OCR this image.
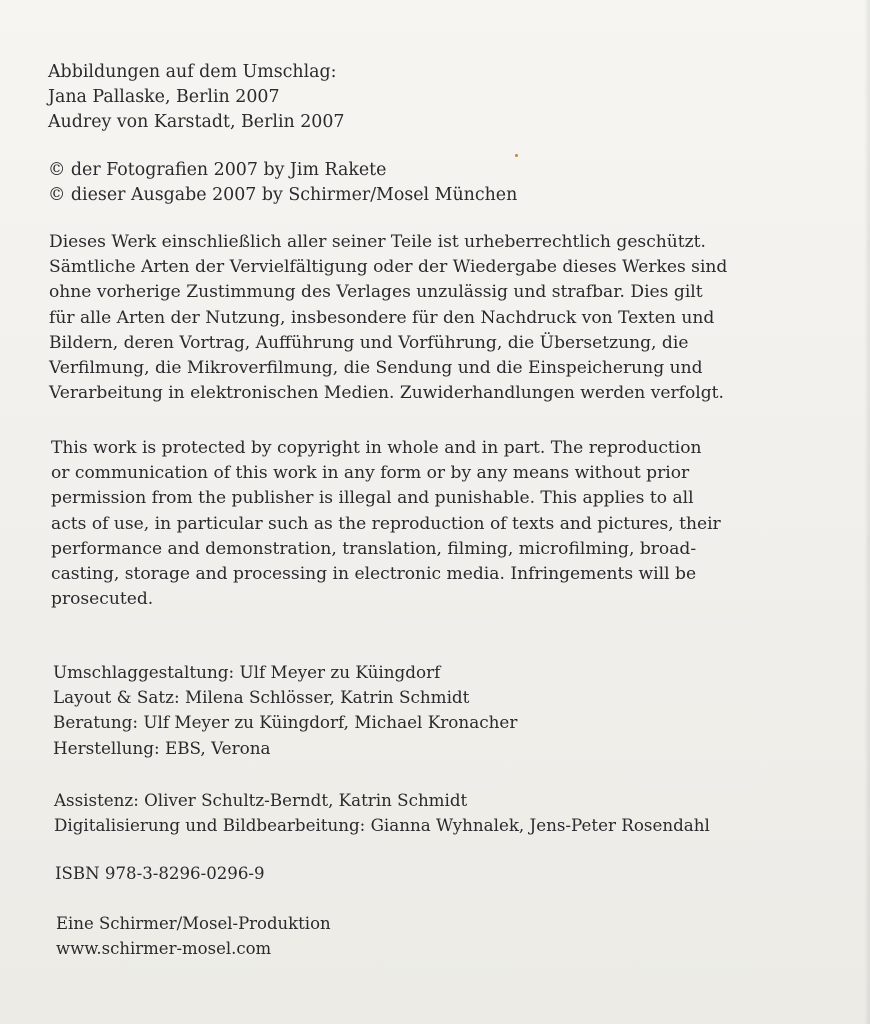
Abbildungen auf dem Umschlag:
Jana Pallaske, Berlin 2007
Audrey von Karstadt, Berlin 2007
© der Fotografien 2007 by Jim Rakete
© dieser Ausgabe 2007 by Schirmer/Mosel München
Dieses Werk einschließlich aller seiner Teile ist urheberrechtlich geschützt.
Sämtliche Arten der Vervielfältigung oder der Wiedergabe dieses Werkes sind
ohne vorherige Zustimmung des Verlages unzulässig und strafbar. Dies gilt
für alle Arten der Nutzung, insbesondere für den Nachdruck von Texten und
Bildern, deren Vortrag, Aufführung und Vorführung, die Übersetzung, die
Verfilmung, die Mikroverfilmung, die Sendung und die Einspeicherung und
Verarbeitung in elektronischen Medien. Zuwiderhandlungen werden verfolgt.
This work is protected by copyright in whole and in part. The reproduction
or communication of this work in any form or by any means without prior
permission from the publisher is illegal and punishable. This applies to all
acts of use, in particular such as the reproduction of texts and pictures, their
performance and demonstration, translation, filming, microfilming, broad-
casting, storage and processing in electronic media. Infringements will be
prosecuted.
Umschlaggestaltung: Ulf Meyer zu Küingdorf
Layout & Satz: Milena Schlösser, Katrin Schmidt
Beratung: Ulf Meyer zu Küingdorf, Michael Kronacher
Herstellung: EBS, Verona
Assistenz: Oliver Schultz-Berndt, Katrin Schmidt
Digitalisierung und Bildbearbeitung: Gianna Wyhnalek, Jens-Peter Rosendahl
ISBN 978-3-8296-0296-9
Eine Schirmer/Mosel-Produktion
www.schirmer-mosel.com
